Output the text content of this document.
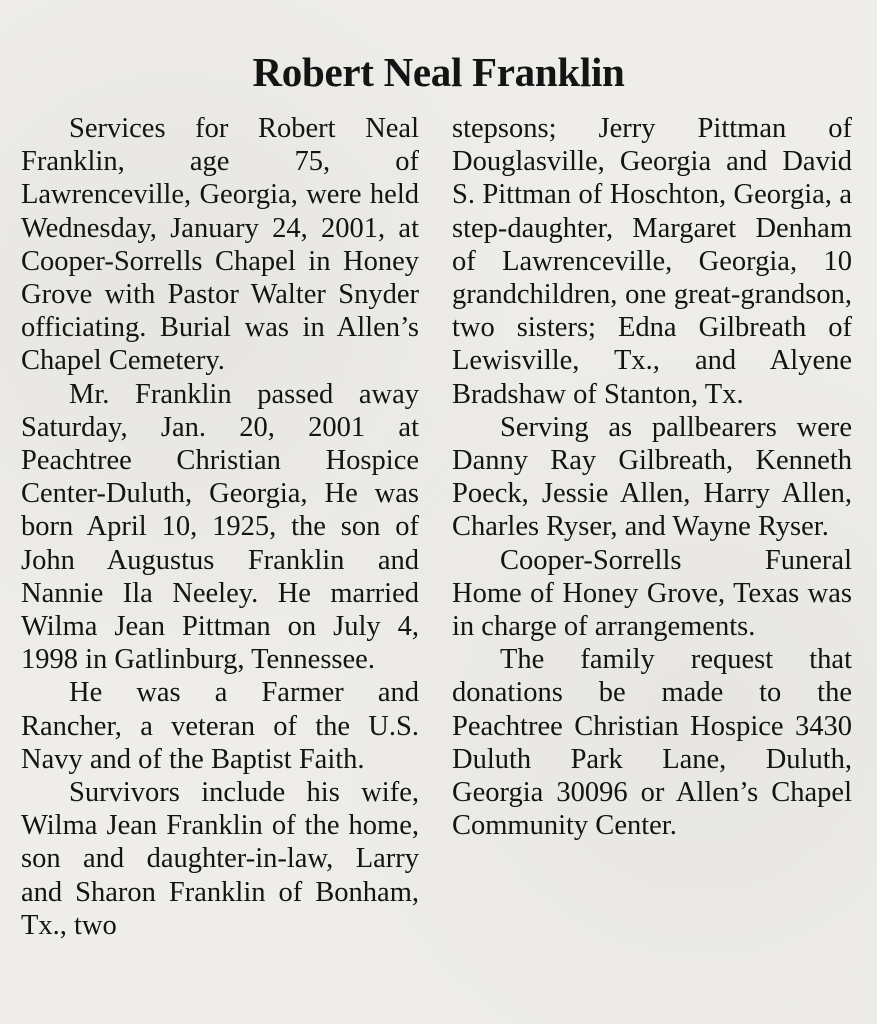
Robert Neal Franklin

Services for Robert Neal Franklin, age 75, of Lawrenceville, Georgia, were held Wednesday, January 24, 2001, at Cooper-Sorrells Chapel in Honey Grove with Pastor Walter Snyder officiating. Burial was in Allen’s Chapel Cemetery.

Mr. Franklin passed away Saturday, Jan. 20, 2001 at Peachtree Christian Hospice Center-Duluth, Georgia, He was born April 10, 1925, the son of John Augustus Franklin and Nannie Ila Neeley. He married Wilma Jean Pittman on July 4, 1998 in Gatlinburg, Tennessee.

He was a Farmer and Rancher, a veteran of the U.S. Navy and of the Baptist Faith.

Survivors include his wife, Wilma Jean Franklin of the home, son and daughter-in-law, Larry and Sharon Franklin of Bonham, Tx., two

stepsons; Jerry Pittman of Douglasville, Georgia and David S. Pittman of Hoschton, Georgia, a step-daughter, Margaret Denham of Lawrenceville, Georgia, 10 grandchildren, one great-grandson, two sisters; Edna Gilbreath of Lewisville, Tx., and Alyene Bradshaw of Stanton, Tx.

Serving as pallbearers were Danny Ray Gilbreath, Kenneth Poeck, Jessie Allen, Harry Allen, Charles Ryser, and Wayne Ryser.

Cooper-Sorrells Funeral Home of Honey Grove, Texas was in charge of arrangements.

The family request that donations be made to the Peachtree Christian Hospice 3430 Duluth Park Lane, Duluth, Georgia 30096 or Allen’s Chapel Community Center.
